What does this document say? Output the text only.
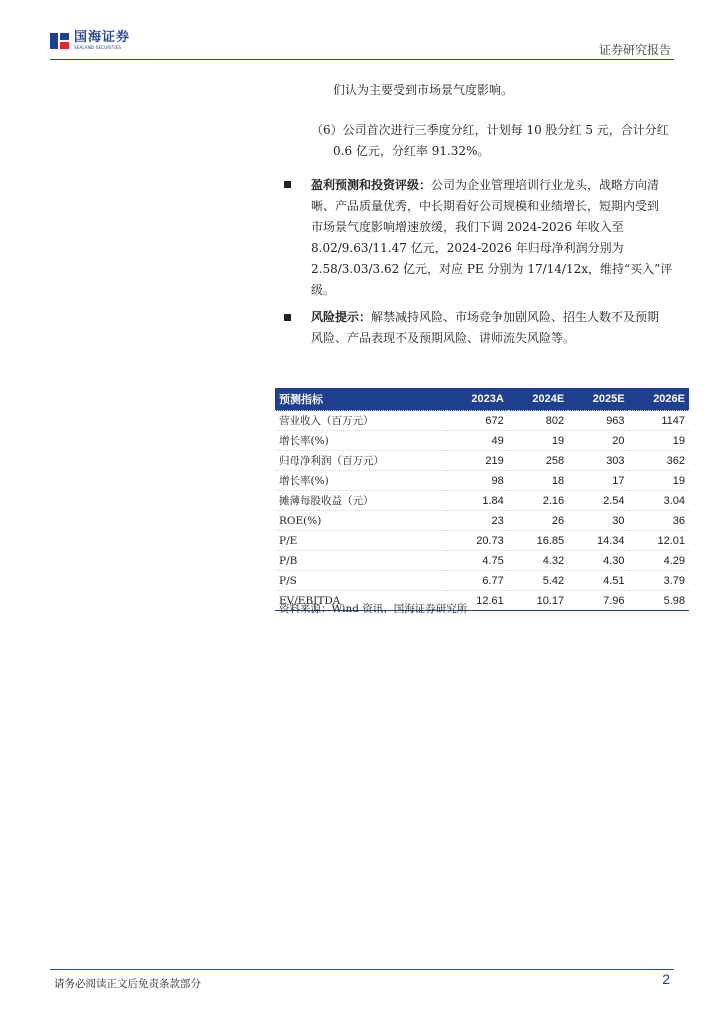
国海证券
SEALAND SECURITIES	证券研究报告
们认为主要受到市场景气度影响。
（6）公司首次进行三季度分红，计划每 10 股分红 5 元，合计分红
0.6 亿元，分红率 91.32%。
盈利预测和投资评级：公司为企业管理培训行业龙头，战略方向清
晰、产品质量优秀，中长期看好公司规模和业绩增长，短期内受到
市场景气度影响增速放缓，我们下调 2024-2026 年收入至
8.02/9.63/11.47 亿元，2024-2026 年归母净利润分别为
2.58/3.03/3.62 亿元，对应 PE 分别为 17/14/12x，维持“买入”评
级。
风险提示：解禁减持风险、市场竞争加剧风险、招生人数不及预期
风险、产品表现不及预期风险、讲师流失风险等。
预测指标	2023A	2024E	2025E	2026E
营业收入（百万元）	672	802	963	1147
增长率(%)	49	19	20	19
归母净利润（百万元）	219	258	303	362
增长率(%)	98	18	17	19
摊薄每股收益（元）	1.84	2.16	2.54	3.04
ROE(%)	23	26	30	36
P/E	20.73	16.85	14.34	12.01
P/B	4.75	4.32	4.30	4.29
P/S	6.77	5.42	4.51	3.79
EV/EBITDA	12.61	10.17	7.96	5.98
资料来源：Wind 资讯、国海证券研究所
请务必阅读正文后免责条款部分	2
